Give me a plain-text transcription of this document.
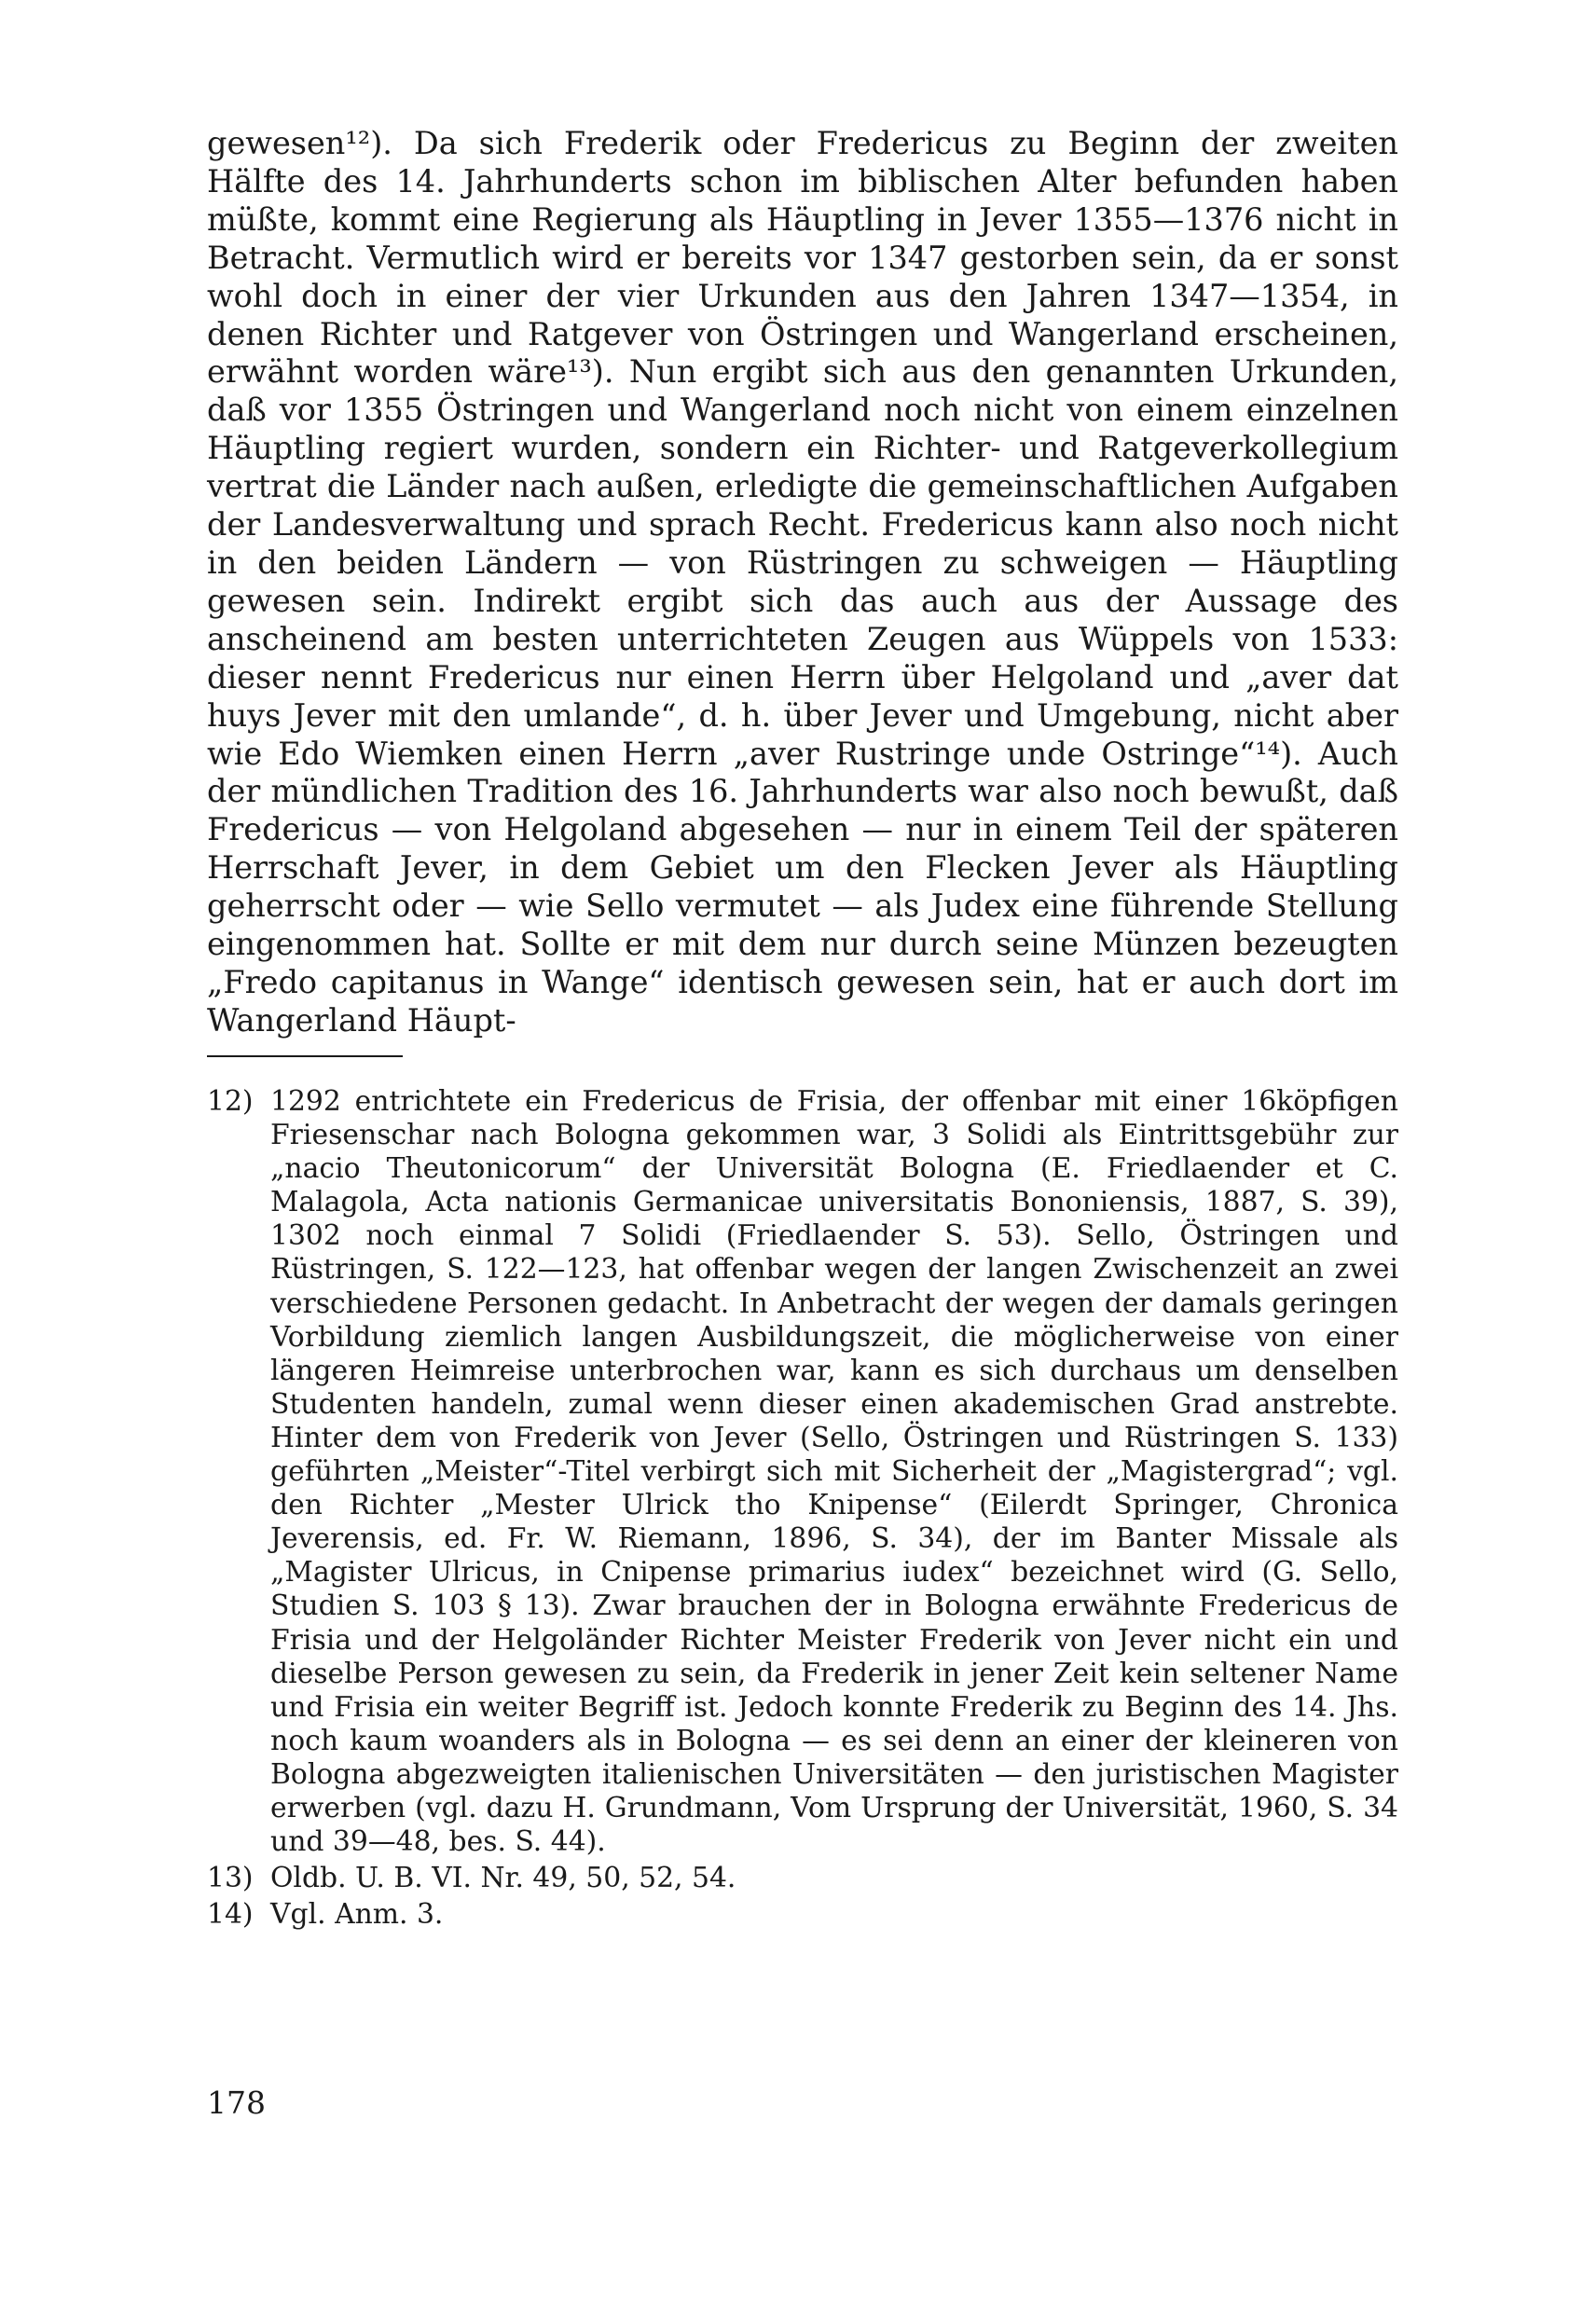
gewesen¹²). Da sich Frederik oder Fredericus zu Beginn der zweiten Hälfte des 14. Jahrhunderts schon im biblischen Alter befunden haben müßte, kommt eine Regierung als Häuptling in Jever 1355—1376 nicht in Betracht. Vermutlich wird er bereits vor 1347 gestorben sein, da er sonst wohl doch in einer der vier Urkunden aus den Jahren 1347—1354, in denen Richter und Ratgever von Östringen und Wangerland erscheinen, erwähnt worden wäre¹³). Nun ergibt sich aus den genannten Urkunden, daß vor 1355 Östringen und Wangerland noch nicht von einem einzelnen Häuptling regiert wurden, sondern ein Richter- und Ratgeverkollegium vertrat die Länder nach außen, erledigte die gemeinschaftlichen Aufgaben der Landesverwaltung und sprach Recht. Fredericus kann also noch nicht in den beiden Ländern — von Rüstringen zu schweigen — Häuptling gewesen sein. Indirekt ergibt sich das auch aus der Aussage des anscheinend am besten unterrichteten Zeugen aus Wüppels von 1533: dieser nennt Fredericus nur einen Herrn über Helgoland und „aver dat huys Jever mit den umlande“, d. h. über Jever und Umgebung, nicht aber wie Edo Wiemken einen Herrn „aver Rustringe unde Ostringe“¹⁴). Auch der mündlichen Tradition des 16. Jahrhunderts war also noch bewußt, daß Fredericus — von Helgoland abgesehen — nur in einem Teil der späteren Herrschaft Jever, in dem Gebiet um den Flecken Jever als Häuptling geherrscht oder — wie Sello vermutet — als Judex eine führende Stellung eingenommen hat. Sollte er mit dem nur durch seine Münzen bezeugten „Fredo capitanus in Wange“ identisch gewesen sein, hat er auch dort im Wangerland Häupt-

12) 1292 entrichtete ein Fredericus de Frisia, der offenbar mit einer 16köpfigen Friesenschar nach Bologna gekommen war, 3 Solidi als Eintrittsgebühr zur „nacio Theutonicorum“ der Universität Bologna (E. Friedlaender et C. Malagola, Acta nationis Germanicae universitatis Bononiensis, 1887, S. 39), 1302 noch einmal 7 Solidi (Friedlaender S. 53). Sello, Östringen und Rüstringen, S. 122—123, hat offenbar wegen der langen Zwischenzeit an zwei verschiedene Personen gedacht. In Anbetracht der wegen der damals geringen Vorbildung ziemlich langen Ausbildungszeit, die möglicherweise von einer längeren Heimreise unterbrochen war, kann es sich durchaus um denselben Studenten handeln, zumal wenn dieser einen akademischen Grad anstrebte. Hinter dem von Frederik von Jever (Sello, Östringen und Rüstringen S. 133) geführten „Meister“-Titel verbirgt sich mit Sicherheit der „Magistergrad“; vgl. den Richter „Mester Ulrick tho Knipense“ (Eilerdt Springer, Chronica Jeverensis, ed. Fr. W. Riemann, 1896, S. 34), der im Banter Missale als „Magister Ulricus, in Cnipense primarius iudex“ bezeichnet wird (G. Sello, Studien S. 103 § 13). Zwar brauchen der in Bologna erwähnte Fredericus de Frisia und der Helgoländer Richter Meister Frederik von Jever nicht ein und dieselbe Person gewesen zu sein, da Frederik in jener Zeit kein seltener Name und Frisia ein weiter Begriff ist. Jedoch konnte Frederik zu Beginn des 14. Jhs. noch kaum woanders als in Bologna — es sei denn an einer der kleineren von Bologna abgezweigten italienischen Universitäten — den juristischen Magister erwerben (vgl. dazu H. Grundmann, Vom Ursprung der Universität, 1960, S. 34 und 39—48, bes. S. 44).
13) Oldb. U. B. VI. Nr. 49, 50, 52, 54.
14) Vgl. Anm. 3.
178
